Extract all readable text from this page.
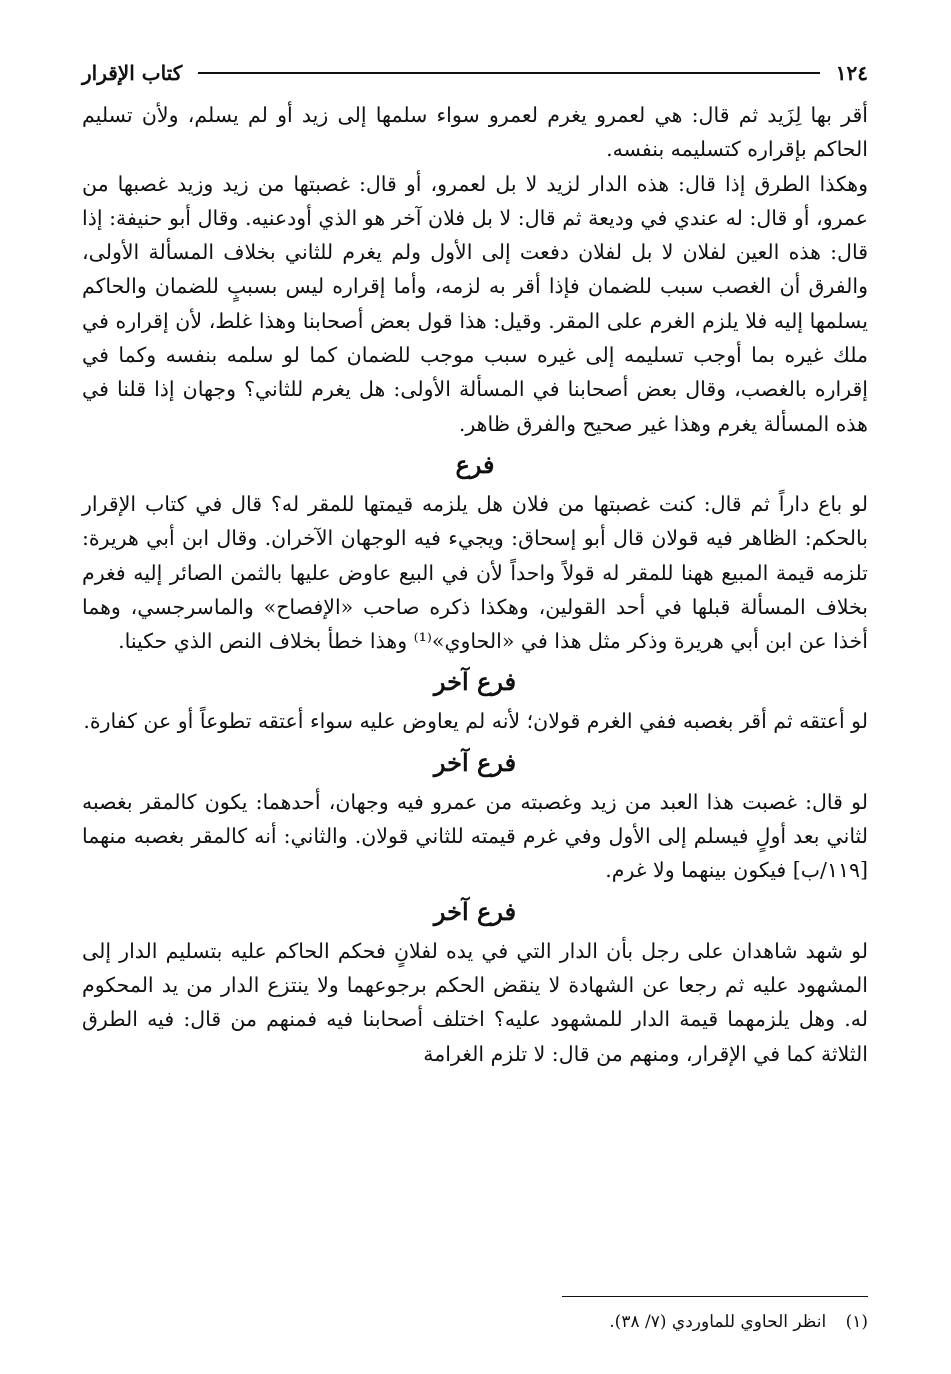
١٢٤
كتاب الإقرار

أقر بها لِزَيد ثم قال: هي لعمرو يغرم لعمرو سواء سلمها إلى زيد أو لم يسلم، ولأن تسليم الحاكم بإقراره كتسليمه بنفسه.

وهكذا الطرق إذا قال: هذه الدار لزيد لا بل لعمرو، أو قال: غصبتها من زيد وزيد غصبها من عمرو، أو قال: له عندي في وديعة ثم قال: لا بل فلان آخر هو الذي أودعنيه. وقال أبو حنيفة: إذا قال: هذه العين لفلان لا بل لفلان دفعت إلى الأول ولم يغرم للثاني بخلاف المسألة الأولى، والفرق أن الغصب سبب للضمان فإذا أقر به لزمه، وأما إقراره ليس بسببٍ للضمان والحاكم يسلمها إليه فلا يلزم الغرم على المقر. وقيل: هذا قول بعض أصحابنا وهذا غلط، لأن إقراره في ملك غيره بما أوجب تسليمه إلى غيره سبب موجب للضمان كما لو سلمه بنفسه وكما في إقراره بالغصب، وقال بعض أصحابنا في المسألة الأولى: هل يغرم للثاني؟ وجهان إذا قلنا في هذه المسألة يغرم وهذا غير صحيح والفرق ظاهر.

فرع

لو باع داراً ثم قال: كنت غصبتها من فلان هل يلزمه قيمتها للمقر له؟ قال في كتاب الإقرار بالحكم: الظاهر فيه قولان قال أبو إسحاق: ويجيء فيه الوجهان الآخران. وقال ابن أبي هريرة: تلزمه قيمة المبيع ههنا للمقر له قولاً واحداً لأن في البيع عاوض عليها بالثمن الصائر إليه فغرم بخلاف المسألة قبلها في أحد القولين، وهكذا ذكره صاحب «الإفصاح» والماسرجسي، وهما أخذا عن ابن أبي هريرة وذكر مثل هذا في «الحاوي»⁽¹⁾ وهذا خطأ بخلاف النص الذي حكينا.

فرع آخر

لو أعتقه ثم أقر بغصبه ففي الغرم قولان؛ لأنه لم يعاوض عليه سواء أعتقه تطوعاً أو عن كفارة.

فرع آخر

لو قال: غصبت هذا العبد من زيد وغصبته من عمرو فيه وجهان، أحدهما: يكون كالمقر بغصبه لثاني بعد أولٍ فيسلم إلى الأول وفي غرم قيمته للثاني قولان. والثاني: أنه كالمقر بغصبه منهما [١١٩/ب] فيكون بينهما ولا غرم.

فرع آخر

لو شهد شاهدان على رجل بأن الدار التي في يده لفلانٍ فحكم الحاكم عليه بتسليم الدار إلى المشهود عليه ثم رجعا عن الشهادة لا ينقض الحكم برجوعهما ولا ينتزع الدار من يد المحكوم له. وهل يلزمهما قيمة الدار للمشهود عليه؟ اختلف أصحابنا فيه فمنهم من قال: فيه الطرق الثلاثة كما في الإقرار، ومنهم من قال: لا تلزم الغرامة

(١) انظر الحاوي للماوردي (٧/ ٣٨).
